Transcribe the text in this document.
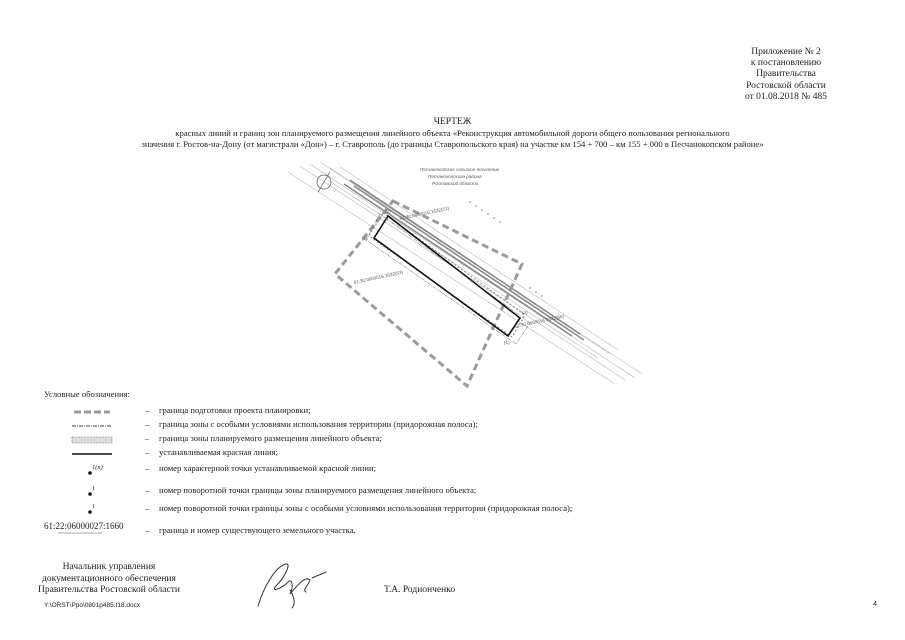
Приложение № 2
к постановлению
Правительства
Ростовской области
от 01.08.2018 № 485
ЧЕРТЕЖ
красных линий и границ зон планируемого размещения линейного объекта «Реконструкция автомобильной дороги общего пользования регионального
значения г. Ростов-на-Дону (от магистрали «Дон») – г. Ставрополь (до границы Ставропольского края) на участке км 154 + 700 – км 155 + 000 в Песчанокопском районе»
Песчанокопское сельское поселение
Песчанокопского района
Ростовской области
61:30:0600016:1632(51)
61:30:0600016:1632(53)
61:30:0600016:1632(66)
(3)
(2)
(1)
(4)
Условные обозначения:
– граница подготовки проекта планировки;
– граница зоны с особыми условиями использования территории (придорожная полоса);
– граница зоны планируемого размещения линейного объекта;
– устанавливаемая красная линия;
1(n)	– номер характерной точки устанавливаемой красной линии;
1	– номер поворотной точки границы зоны планируемого размещения линейного объекта;
1	– номер поворотной точки границы зоны с особыми условиями использования территории (придорожная полоса);
61:22:06000027:1660 – граница и номер существующего земельного участка.
Начальник управления
документационного обеспечения
Правительства Ростовской области	Т.А. Родионченко
Y:\ORST\Ppo\0801p485.f18.docx	4
